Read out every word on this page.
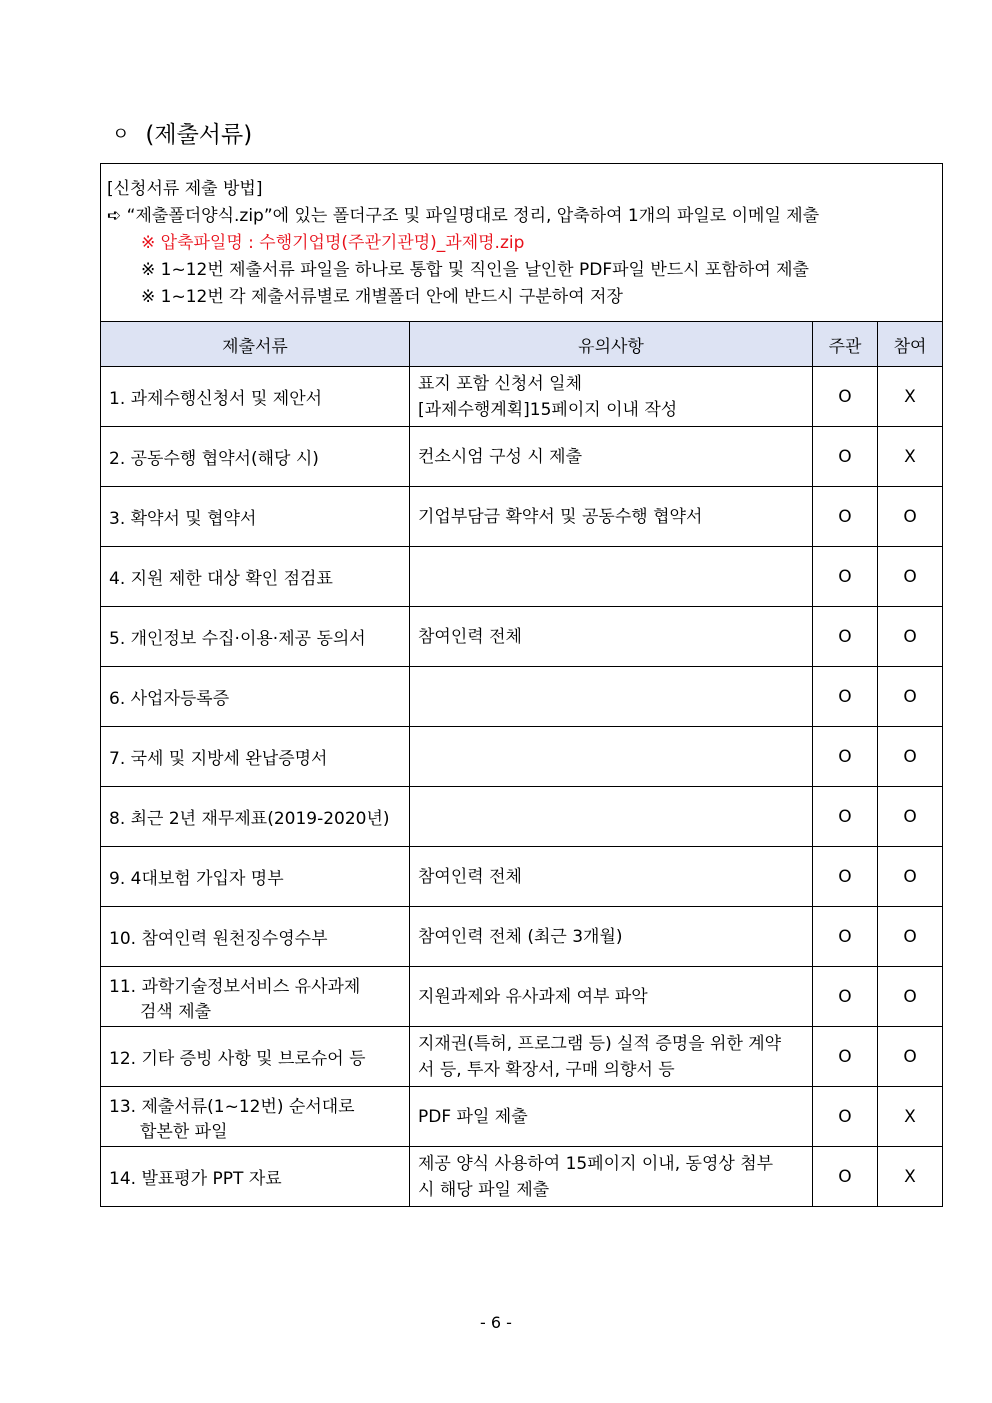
ㅇ (제출서류)
[신청서류 제출 방법]
➪ “제출폴더양식.zip”에 있는 폴더구조 및 파일명대로 정리, 압축하여 1개의 파일로 이메일 제출
※ 압축파일명 : 수행기업명(주관기관명)_과제명.zip
※ 1~12번 제출서류 파일을 하나로 통합 및 직인을 날인한 PDF파일 반드시 포함하여 제출
※ 1~12번 각 제출서류별로 개별폴더 안에 반드시 구분하여 저장			

제출서류	유의사항	주관	참여

1. 과제수행신청서 및 제안서	표지 포함 신청서 일체
[과제수행계획]15페이지 이내 작성	O	X

2. 공동수행 협약서(해당 시)	컨소시엄 구성 시 제출	O	X

3. 확약서 및 협약서	기업부담금 확약서 및 공동수행 협약서	O	O

4. 지원 제한 대상 확인 점검표		O	O

5. 개인정보 수집·이용·제공 동의서	참여인력 전체	O	O

6. 사업자등록증		O	O

7. 국세 및 지방세 완납증명서		O	O

8. 최근 2년 재무제표(2019-2020년)		O	O

9. 4대보험 가입자 명부	참여인력 전체	O	O

10. 참여인력 원천징수영수부	참여인력 전체 (최근 3개월)	O	O

11. 과학기술정보서비스 유사과제
검색 제출	지원과제와 유사과제 여부 파악	O	O

12. 기타 증빙 사항 및 브로슈어 등	지재권(특허, 프로그램 등) 실적 증명을 위한 계약
서 등, 투자 확장서, 구매 의향서 등	O	O

13. 제출서류(1~12번) 순서대로
합본한 파일	PDF 파일 제출	O	X

14. 발표평가 PPT 자료	제공 양식 사용하여 15페이지 이내, 동영상 첨부
시 해당 파일 제출	O	X
- 6 -
